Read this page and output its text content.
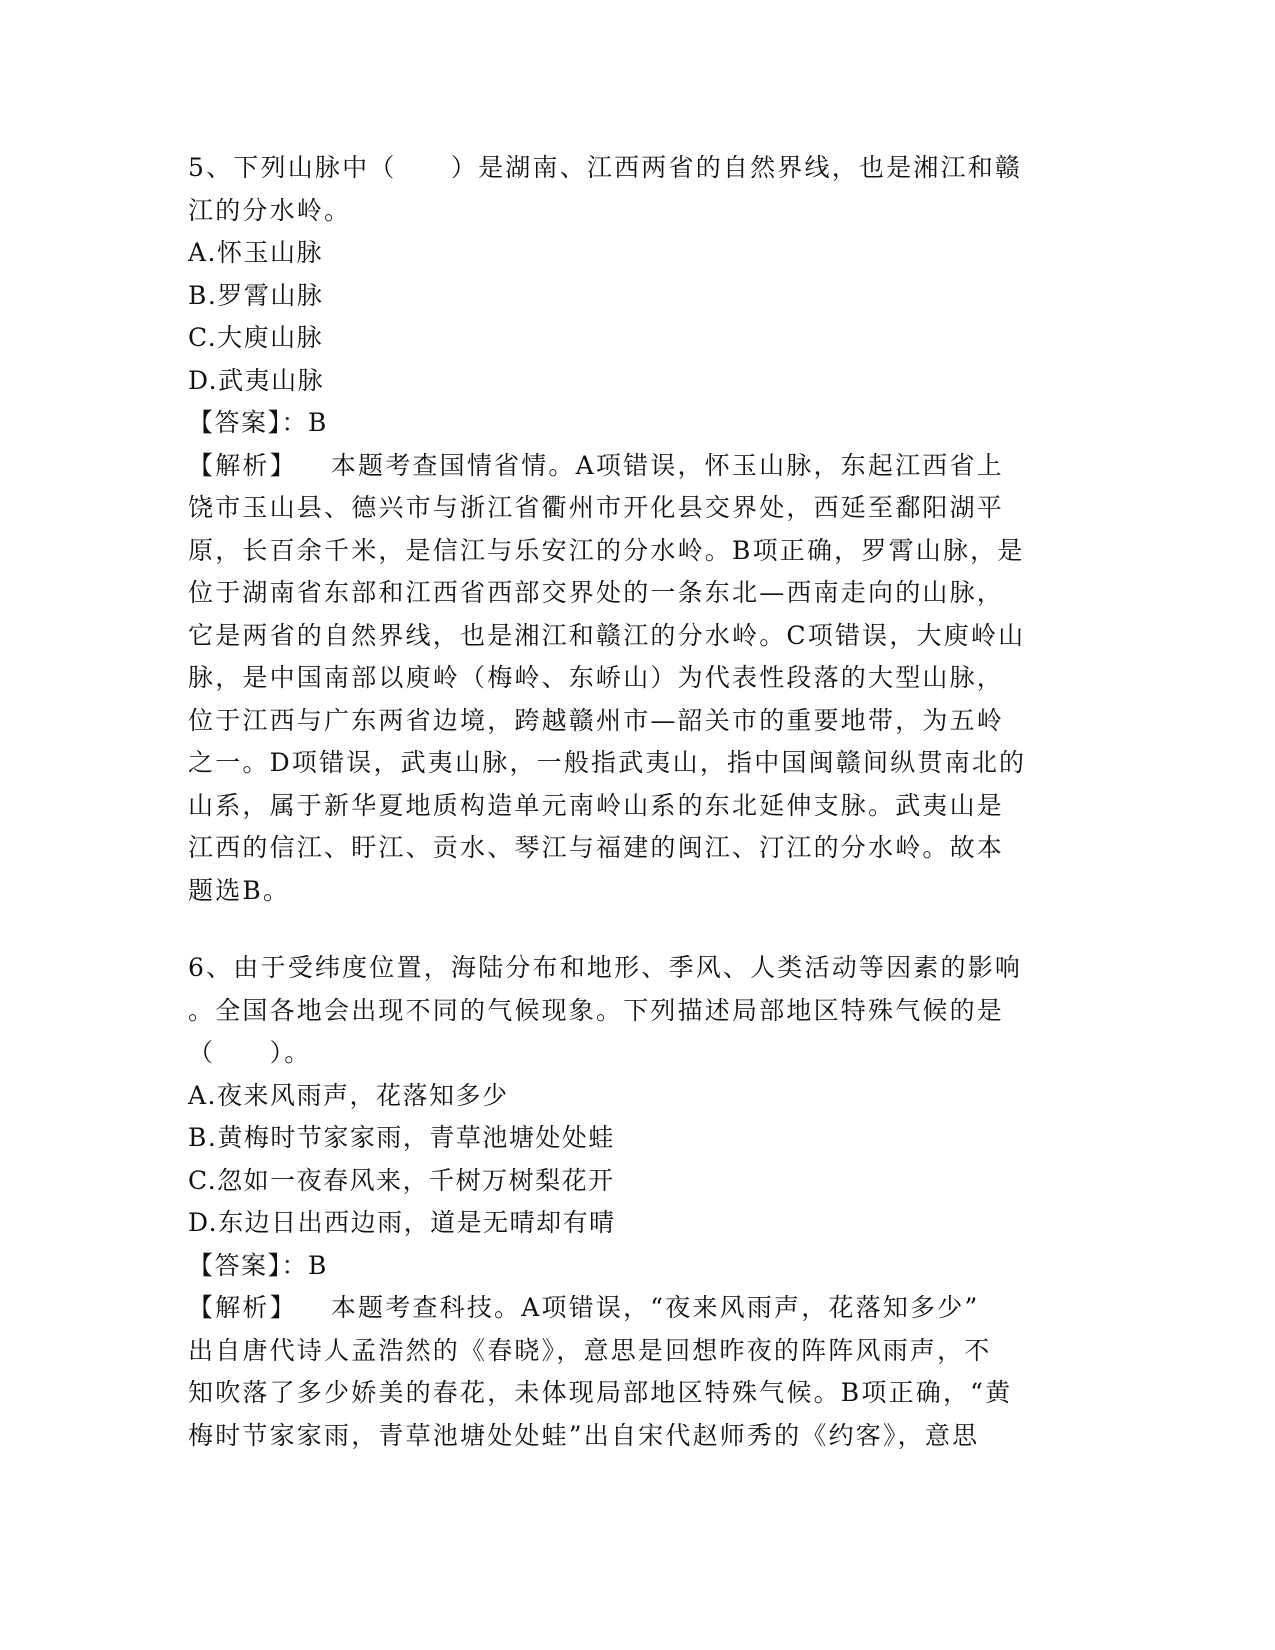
5、下列山脉中（　　）是湖南、江西两省的自然界线，也是湘江和赣
江的分水岭。
A.怀玉山脉
B.罗霄山脉
C.大庾山脉
D.武夷山脉
【答案】：B
【解析】 本题考查国情省情。A项错误，怀玉山脉，东起江西省上
饶市玉山县、德兴市与浙江省衢州市开化县交界处，西延至鄱阳湖平
原，长百余千米，是信江与乐安江的分水岭。B项正确，罗霄山脉，是
位于湖南省东部和江西省西部交界处的一条东北—西南走向的山脉，
它是两省的自然界线，也是湘江和赣江的分水岭。C项错误，大庾岭山
脉，是中国南部以庾岭（梅岭、东峤山）为代表性段落的大型山脉，
位于江西与广东两省边境，跨越赣州市—韶关市的重要地带，为五岭
之一。D项错误，武夷山脉，一般指武夷山，指中国闽赣间纵贯南北的
山系，属于新华夏地质构造单元南岭山系的东北延伸支脉。武夷山是
江西的信江、盱江、贡水、琴江与福建的闽江、汀江的分水岭。故本
题选B。
6、由于受纬度位置，海陆分布和地形、季风、人类活动等因素的影响
。全国各地会出现不同的气候现象。下列描述局部地区特殊气候的是
（　　）。
A.夜来风雨声，花落知多少
B.黄梅时节家家雨，青草池塘处处蛙
C.忽如一夜春风来，千树万树梨花开
D.东边日出西边雨，道是无晴却有晴
【答案】：B
【解析】 本题考查科技。A项错误，“夜来风雨声，花落知多少”
出自唐代诗人孟浩然的《春晓》，意思是回想昨夜的阵阵风雨声，不
知吹落了多少娇美的春花，未体现局部地区特殊气候。B项正确，“黄
梅时节家家雨，青草池塘处处蛙”出自宋代赵师秀的《约客》，意思
